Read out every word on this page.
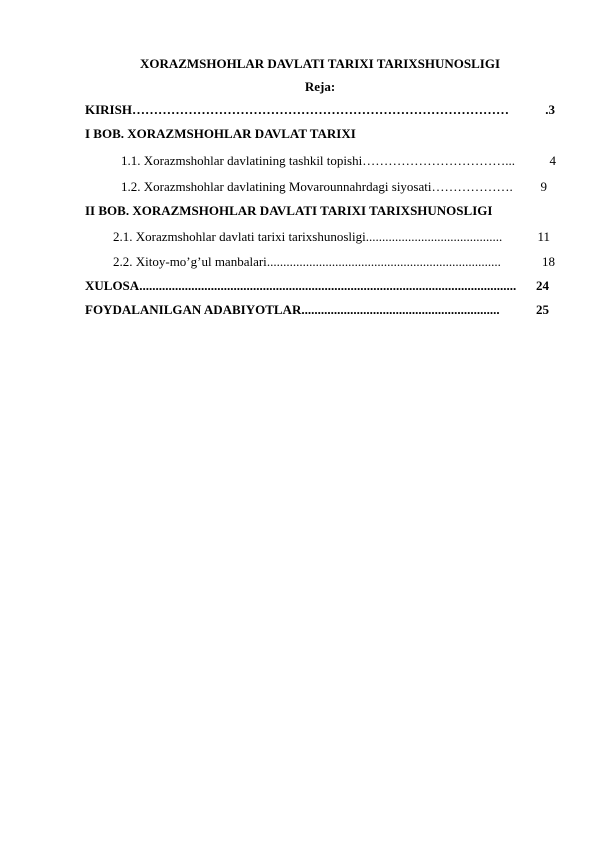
XORAZMSHOHLAR DAVLATI TARIXI TARIXSHUNOSLIGI
Reja:
KIRISH ……………………………………………………………………………	.3
I BOB. XORAZMSHOHLAR DAVLAT TARIXI
1.1. Xorazmshohlar davlatining tashkil topishi ……………………………...	4
1.2. Xorazmshohlar davlatining Movarounnahrdagi siyosati ……………….	9
II BOB. XORAZMSHOHLAR DAVLATI TARIXI TARIXSHUNOSLIGI
2.1. Xorazmshohlar davlati tarixi tarixshunosligi ..........................................	11
2.2. Xitoy-mo’g’ul manbalari ........................................................................	18
XULOSA ....................................................................................................................	24
FOYDALANILGAN ADABIYOTLAR .............................................................	25
